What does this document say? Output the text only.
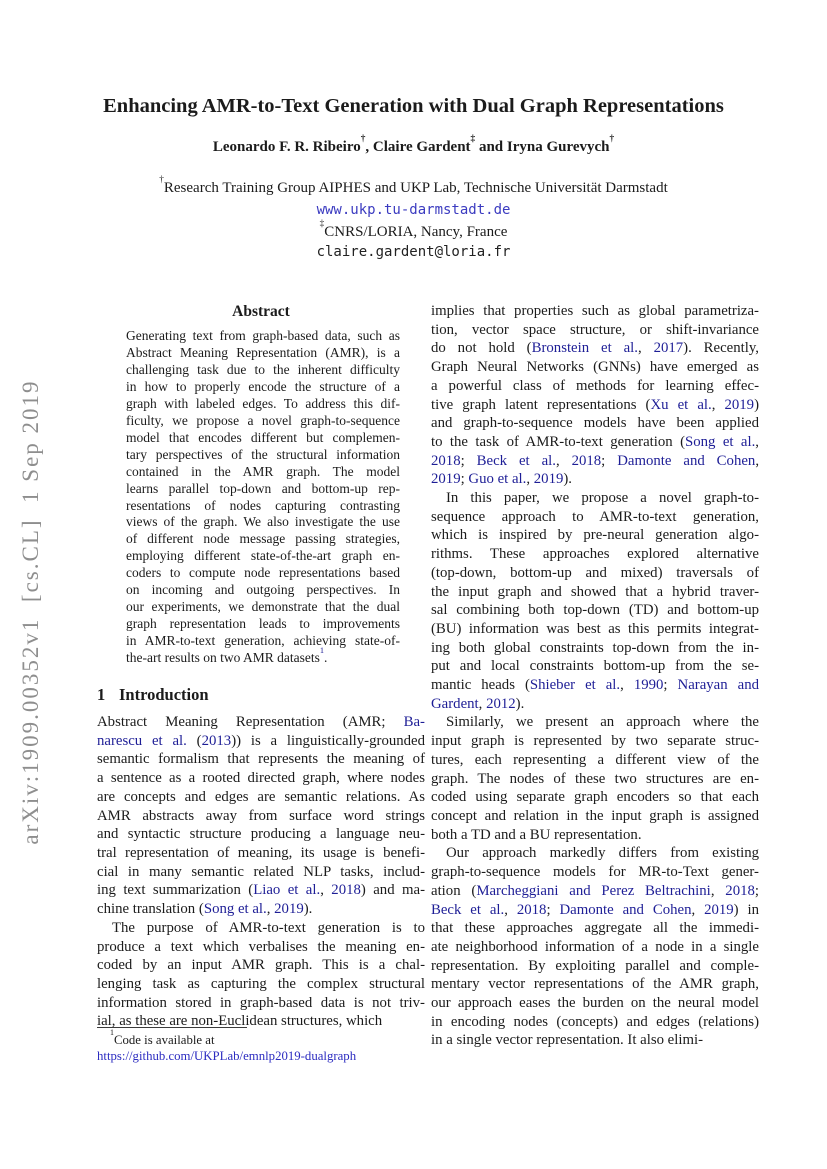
arXiv:1909.00352v1  [cs.CL]  1 Sep 2019
Enhancing AMR-to-Text Generation with Dual Graph Representations
Leonardo F. R. Ribeiro†, Claire Gardent‡ and Iryna Gurevych†
†Research Training Group AIPHES and UKP Lab, Technische Universität Darmstadt
www.ukp.tu-darmstadt.de
‡CNRS/LORIA, Nancy, France
claire.gardent@loria.fr
Abstract
Generating text from graph-based data, such as
Abstract Meaning Representation (AMR), is a
challenging task due to the inherent difficulty
in how to properly encode the structure of a
graph with labeled edges. To address this dif-
ficulty, we propose a novel graph-to-sequence
model that encodes different but complemen-
tary perspectives of the structural information
contained in the AMR graph. The model
learns parallel top-down and bottom-up rep-
resentations of nodes capturing contrasting
views of the graph. We also investigate the use
of different node message passing strategies,
employing different state-of-the-art graph en-
coders to compute node representations based
on incoming and outgoing perspectives. In
our experiments, we demonstrate that the dual
graph representation leads to improvements
in AMR-to-text generation, achieving state-of-
the-art results on two AMR datasets$^1$.
1 Introduction
Abstract Meaning Representation (AMR; Ba-
narescu et al. (2013)) is a linguistically-grounded
semantic formalism that represents the meaning of
a sentence as a rooted directed graph, where nodes
are concepts and edges are semantic relations. As
AMR abstracts away from surface word strings
and syntactic structure producing a language neu-
tral representation of meaning, its usage is benefi-
cial in many semantic related NLP tasks, includ-
ing text summarization (Liao et al., 2018) and ma-
chine translation (Song et al., 2019).
The purpose of AMR-to-text generation is to
produce a text which verbalises the meaning en-
coded by an input AMR graph. This is a chal-
lenging task as capturing the complex structural
information stored in graph-based data is not triv-
ial, as these are non-Euclidean structures, which
implies that properties such as global parametriza-
tion, vector space structure, or shift-invariance
do not hold (Bronstein et al., 2017). Recently,
Graph Neural Networks (GNNs) have emerged as
a powerful class of methods for learning effec-
tive graph latent representations (Xu et al., 2019)
and graph-to-sequence models have been applied
to the task of AMR-to-text generation (Song et al.,
2018; Beck et al., 2018; Damonte and Cohen,
2019; Guo et al., 2019).
In this paper, we propose a novel graph-to-
sequence approach to AMR-to-text generation,
which is inspired by pre-neural generation algo-
rithms. These approaches explored alternative
(top-down, bottom-up and mixed) traversals of
the input graph and showed that a hybrid traver-
sal combining both top-down (TD) and bottom-up
(BU) information was best as this permits integrat-
ing both global constraints top-down from the in-
put and local constraints bottom-up from the se-
mantic heads (Shieber et al., 1990; Narayan and
Gardent, 2012).
Similarly, we present an approach where the
input graph is represented by two separate struc-
tures, each representing a different view of the
graph. The nodes of these two structures are en-
coded using separate graph encoders so that each
concept and relation in the input graph is assigned
both a TD and a BU representation.
Our approach markedly differs from existing
graph-to-sequence models for MR-to-Text gener-
ation (Marcheggiani and Perez Beltrachini, 2018;
Beck et al., 2018; Damonte and Cohen, 2019) in
that these approaches aggregate all the immedi-
ate neighborhood information of a node in a single
representation. By exploiting parallel and comple-
mentary vector representations of the AMR graph,
our approach eases the burden on the neural model
in encoding nodes (concepts) and edges (relations)
in a single vector representation. It also elimi-
$^1$Code is available at
https://github.com/UKPLab/emnlp2019-dualgraph
